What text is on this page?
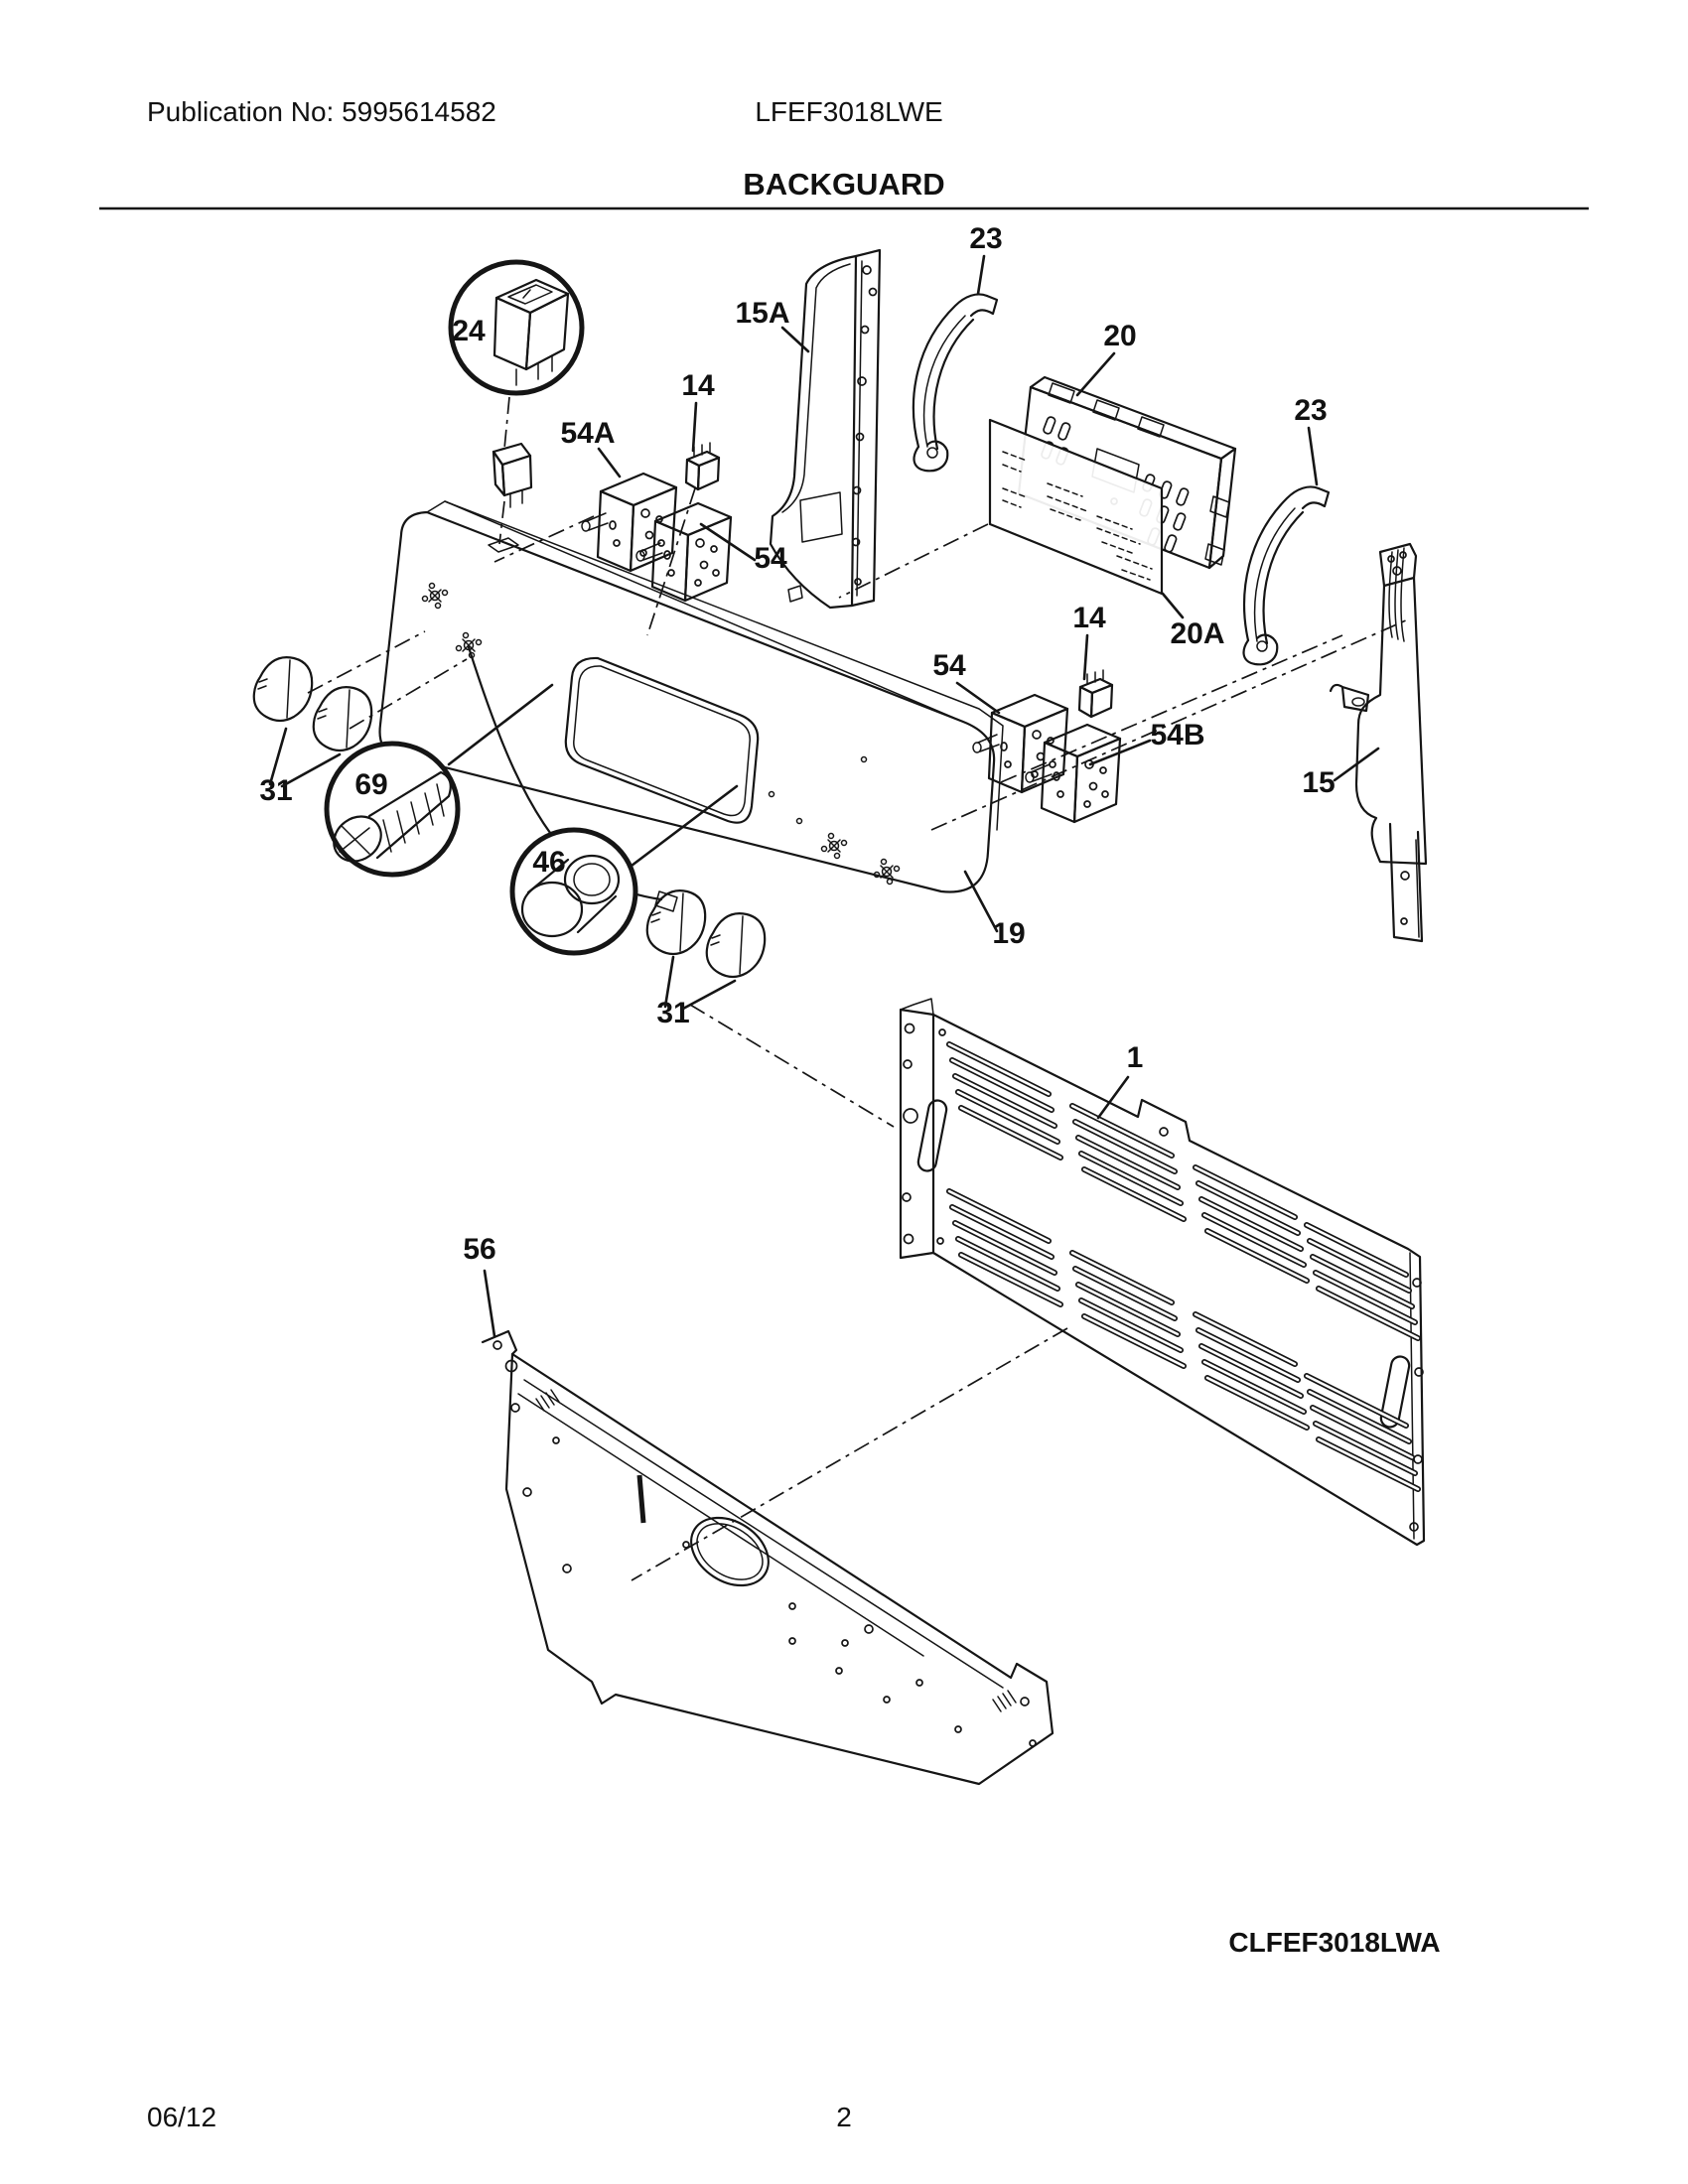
Publication No: 5995614582	LFEF3018LWE
BACKGUARD
24
15A
23
20
20A
23
15
19
54A
54
14
54
54B
14
31
31
69
46
1
56
CLFEF3018LWA
06/12	2
